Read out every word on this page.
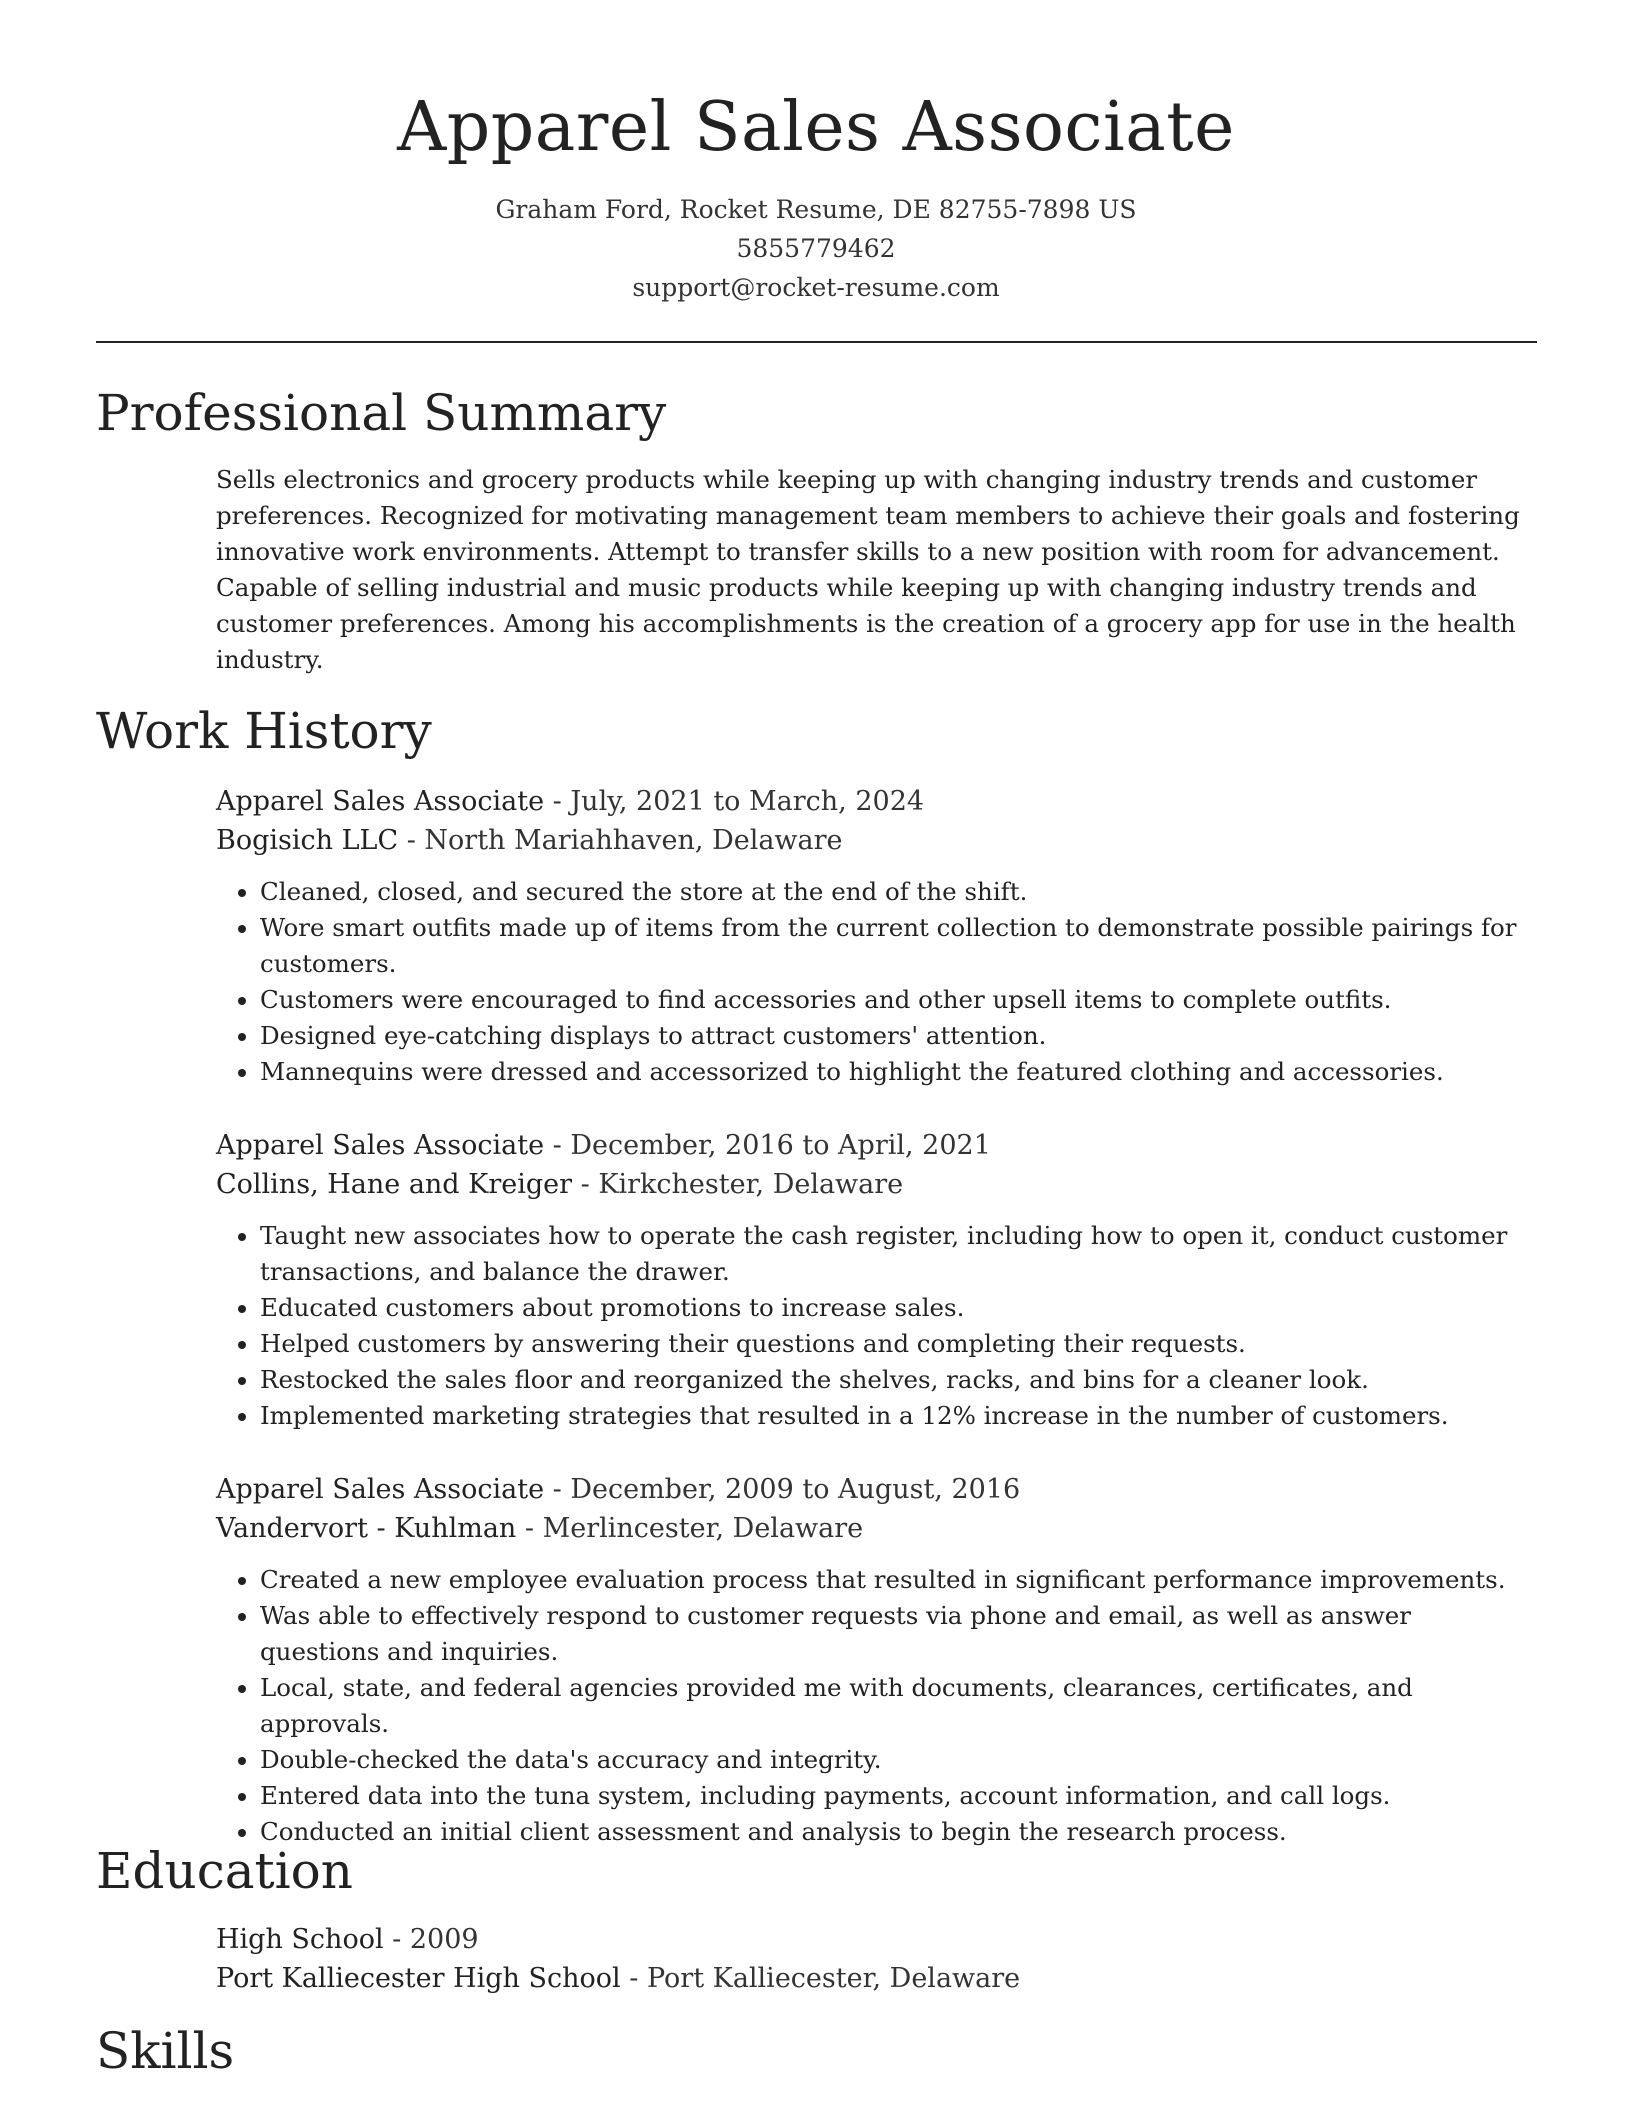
Apparel Sales Associate
Graham Ford, Rocket Resume, DE 82755-7898 US
5855779462
support@rocket-resume.com
Professional Summary

Sells electronics and grocery products while keeping up with changing industry trends and customer preferences. Recognized for motivating management team members to achieve their goals and fostering innovative work environments. Attempt to transfer skills to a new position with room for advancement. Capable of selling industrial and music products while keeping up with changing industry trends and customer preferences. Among his accomplishments is the creation of a grocery app for use in the health industry.

Work History
Apparel Sales Associate - July, 2021 to March, 2024
Bogisich LLC - North Mariahhaven, Delaware
• Cleaned, closed, and secured the store at the end of the shift.
• Wore smart outfits made up of items from the current collection to demonstrate possible pairings for customers.
• Customers were encouraged to find accessories and other upsell items to complete outfits.
• Designed eye-catching displays to attract customers' attention.
• Mannequins were dressed and accessorized to highlight the featured clothing and accessories.
Apparel Sales Associate - December, 2016 to April, 2021
Collins, Hane and Kreiger - Kirkchester, Delaware
• Taught new associates how to operate the cash register, including how to open it, conduct customer transactions, and balance the drawer.
• Educated customers about promotions to increase sales.
• Helped customers by answering their questions and completing their requests.
• Restocked the sales floor and reorganized the shelves, racks, and bins for a cleaner look.
• Implemented marketing strategies that resulted in a 12% increase in the number of customers.
Apparel Sales Associate - December, 2009 to August, 2016
Vandervort - Kuhlman - Merlincester, Delaware
• Created a new employee evaluation process that resulted in significant performance improvements.
• Was able to effectively respond to customer requests via phone and email, as well as answer questions and inquiries.
• Local, state, and federal agencies provided me with documents, clearances, certificates, and approvals.
• Double-checked the data's accuracy and integrity.
• Entered data into the tuna system, including payments, account information, and call logs.
• Conducted an initial client assessment and analysis to begin the research process.
Education
High School - 2009
Port Kalliecester High School - Port Kalliecester, Delaware
Skills
